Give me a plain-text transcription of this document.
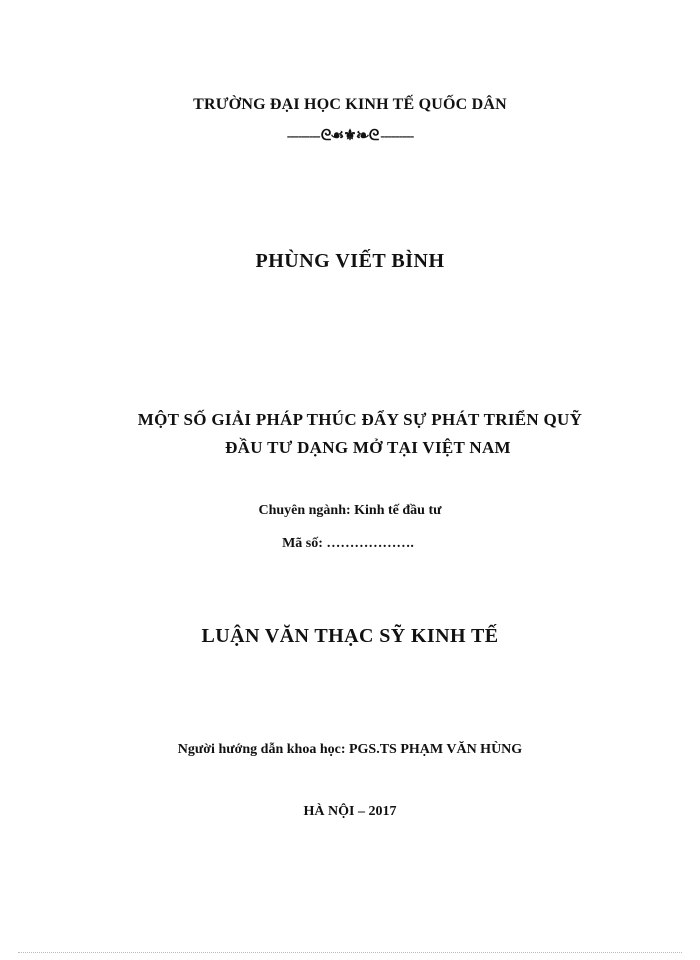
TRƯỜNG ĐẠI HỌC KINH TẾ QUỐC DÂN
---------ᘓ☙⚜❧ᘓ---------
PHÙNG VIẾT BÌNH
MỘT SỐ GIẢI PHÁP THÚC ĐẨY SỰ PHÁT TRIỂN QUỸ
ĐẦU TƯ DẠNG MỞ TẠI VIỆT NAM
Chuyên ngành: Kinh tế đầu tư
Mã số: ……………….
LUẬN VĂN THẠC SỸ KINH TẾ
Người hướng dẫn khoa học: PGS.TS PHẠM VĂN HÙNG
HÀ NỘI – 2017
